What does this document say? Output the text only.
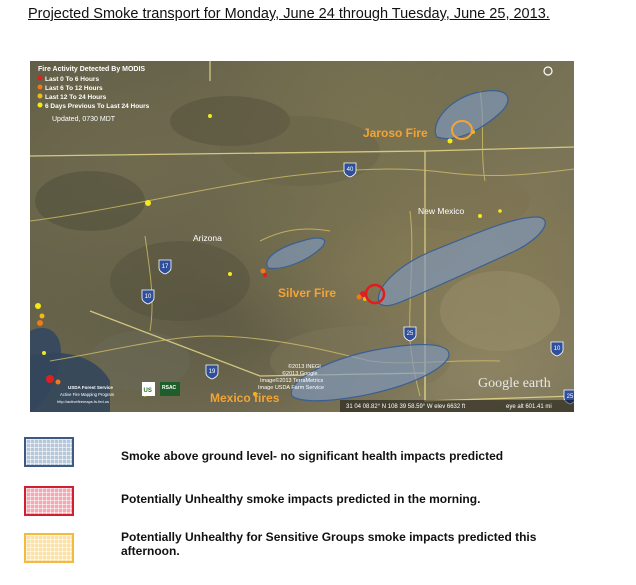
Projected Smoke transport for Monday, June 24 through Tuesday, June 25, 2013.
40
17
10
25
19
10
25
Fire Activity Detected By MODIS
Last 0 To 6 Hours
Last 6 To 12 Hours
Last 12 To 24 Hours
6 Days Previous To Last 24 Hours
Updated, 0730 MDT
Jaroso Fire
Silver Fire
Mexico fires
Arizona
New Mexico
USDA Forest Service
Active Fire Mapping Program
http://activefiremaps.fs.fed.us
US RSAC
©2013 INEGI
©2013 Google
Image©2013 TerraMetrics
Image USDA Farm Service	Google earth
31 04 08.82° N 108 39 58.59° W elev 6632 ft	eye alt 601.41 mi
Smoke above ground level- no significant health impacts predicted
Potentially Unhealthy smoke impacts predicted in the morning.
Potentially Unhealthy for Sensitive Groups smoke impacts predicted this afternoon.
